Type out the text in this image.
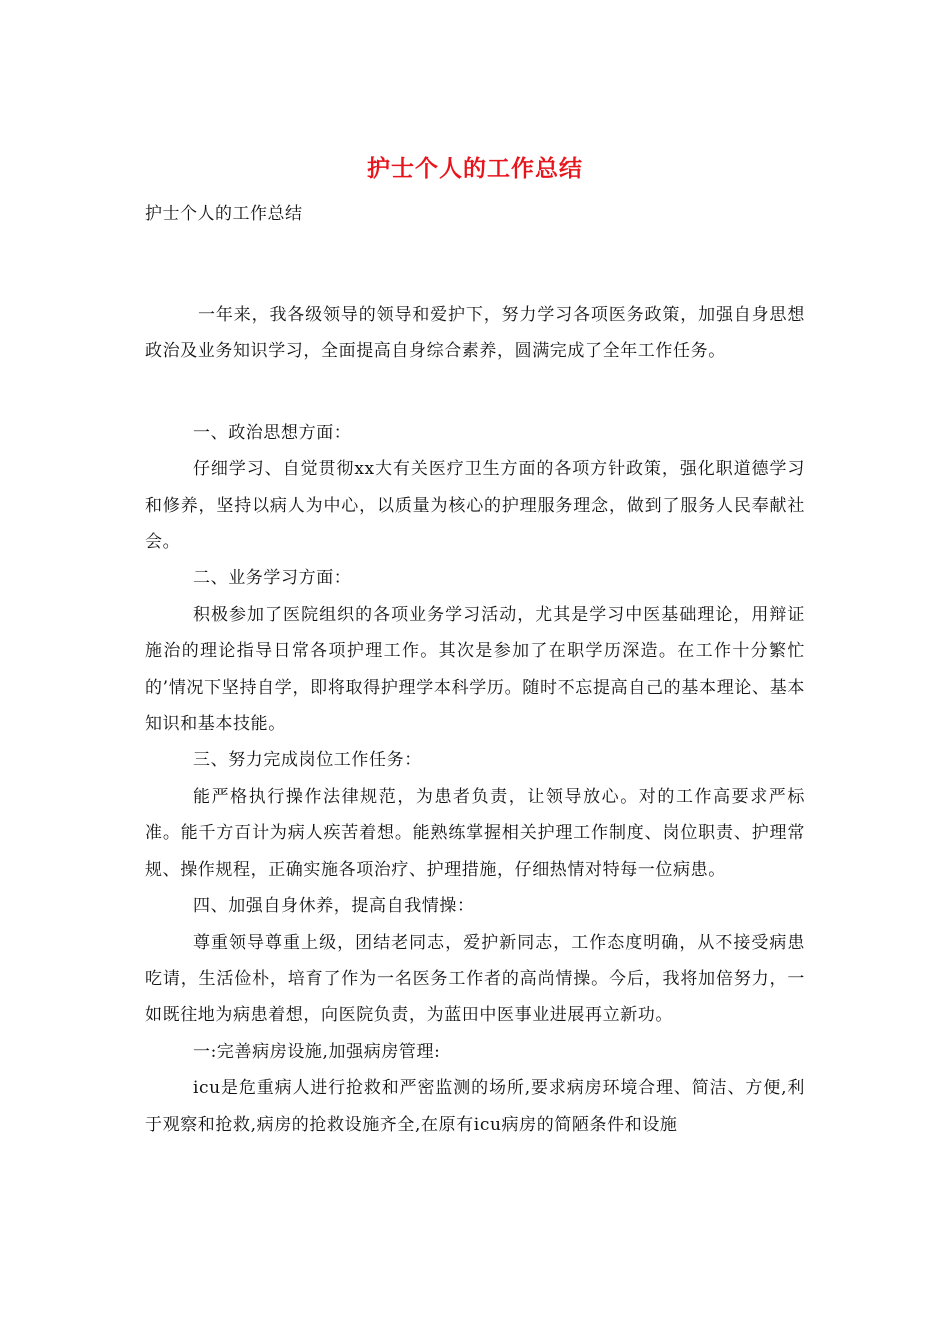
护士个人的工作总结
护士个人的工作总结

一年来，我各级领导的领导和爱护下，努力学习各项医务政策，加强自身思想政治及业务知识学习，全面提高自身综合素养，圆满完成了全年工作任务。

一、政治思想方面：

仔细学习、自觉贯彻xx大有关医疗卫生方面的各项方针政策，强化职道德学习和修养，坚持以病人为中心，以质量为核心的护理服务理念，做到了服务人民奉献社会。

二、业务学习方面：

积极参加了医院组织的各项业务学习活动，尤其是学习中医基础理论，用辩证施治的理论指导日常各项护理工作。其次是参加了在职学历深造。在工作十分繁忙的’情况下坚持自学，即将取得护理学本科学历。随时不忘提高自己的基本理论、基本知识和基本技能。

三、努力完成岗位工作任务：

能严格执行操作法律规范，为患者负责，让领导放心。对的工作高要求严标准。能千方百计为病人疾苦着想。能熟练掌握相关护理工作制度、岗位职责、护理常规、操作规程，正确实施各项治疗、护理措施，仔细热情对特每一位病患。

四、加强自身休养，提高自我情操：

尊重领导尊重上级，团结老同志，爱护新同志，工作态度明确，从不接受病患吃请，生活俭朴，培育了作为一名医务工作者的高尚情操。今后，我将加倍努力，一如既往地为病患着想，向医院负责，为蓝田中医事业进展再立新功。

一:完善病房设施,加强病房管理:

icu是危重病人进行抢救和严密监测的场所,要求病房环境合理、简洁、方便,利于观察和抢救,病房的抢救设施齐全,在原有icu病房的简陋条件和设施
